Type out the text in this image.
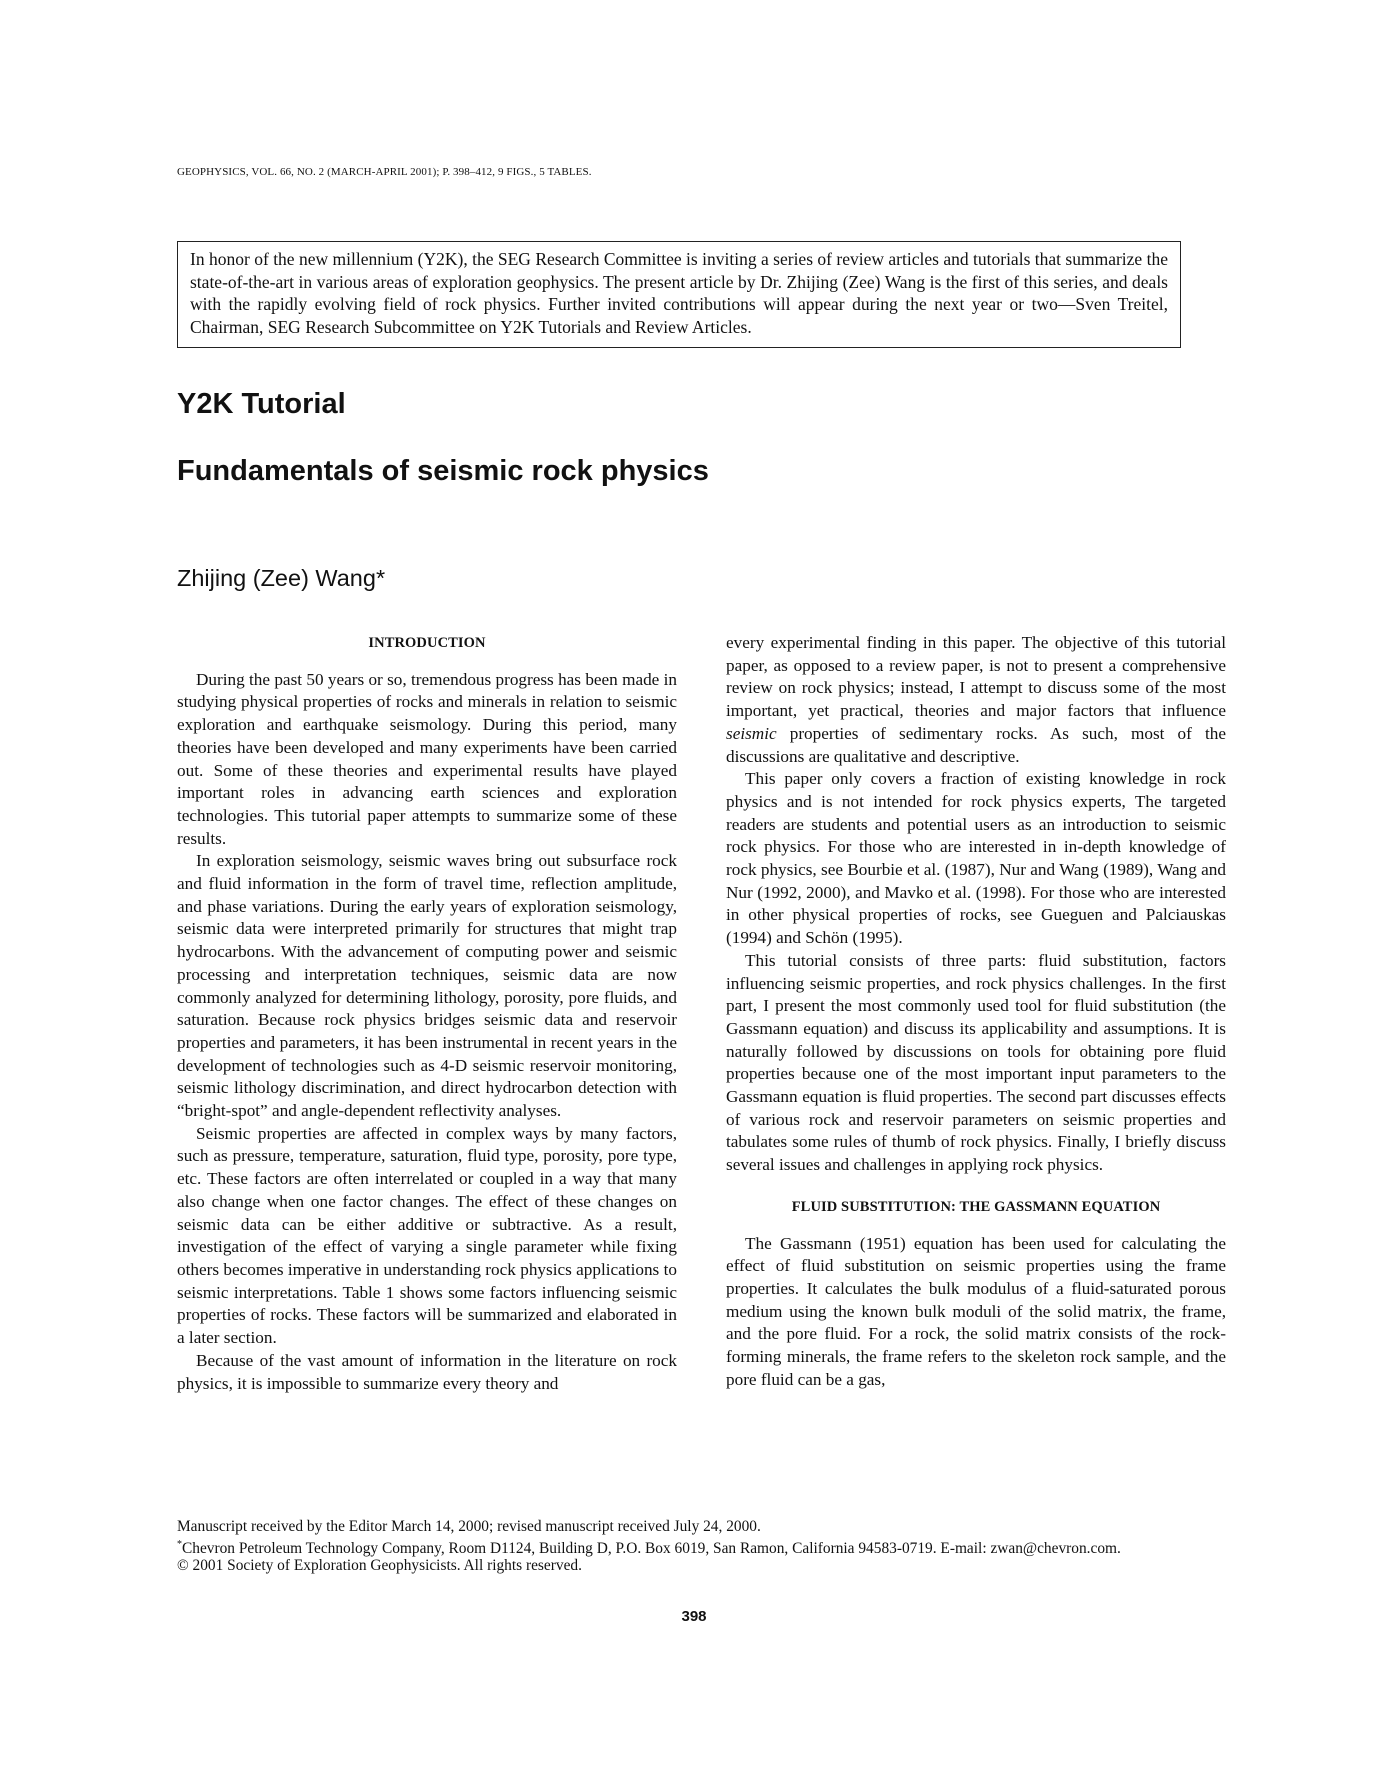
GEOPHYSICS, VOL. 66, NO. 2 (MARCH-APRIL 2001); P. 398–412, 9 FIGS., 5 TABLES.
In honor of the new millennium (Y2K), the SEG Research Committee is inviting a series of review articles and tutorials that summarize the state-of-the-art in various areas of exploration geophysics. The present article by Dr. Zhijing (Zee) Wang is the first of this series, and deals with the rapidly evolving field of rock physics. Further invited contributions will appear during the next year or two—Sven Treitel, Chairman, SEG Research Subcommittee on Y2K Tutorials and Review Articles.
Y2K Tutorial
Fundamentals of seismic rock physics
Zhijing (Zee) Wang*
INTRODUCTION

During the past 50 years or so, tremendous progress has been made in studying physical properties of rocks and minerals in relation to seismic exploration and earthquake seismology. During this period, many theories have been developed and many experiments have been carried out. Some of these theories and experimental results have played important roles in advancing earth sciences and exploration technologies. This tutorial paper attempts to summarize some of these results.

In exploration seismology, seismic waves bring out subsurface rock and fluid information in the form of travel time, reflection amplitude, and phase variations. During the early years of exploration seismology, seismic data were interpreted primarily for structures that might trap hydrocarbons. With the advancement of computing power and seismic processing and interpretation techniques, seismic data are now commonly analyzed for determining lithology, porosity, pore fluids, and saturation. Because rock physics bridges seismic data and reservoir properties and parameters, it has been instrumental in recent years in the development of technologies such as 4-D seismic reservoir monitoring, seismic lithology discrimination, and direct hydrocarbon detection with “bright-spot” and angle-dependent reflectivity analyses.

Seismic properties are affected in complex ways by many factors, such as pressure, temperature, saturation, fluid type, porosity, pore type, etc. These factors are often interrelated or coupled in a way that many also change when one factor changes. The effect of these changes on seismic data can be either additive or subtractive. As a result, investigation of the effect of varying a single parameter while fixing others becomes imperative in understanding rock physics applications to seismic interpretations. Table 1 shows some factors influencing seismic properties of rocks. These factors will be summarized and elaborated in a later section.

Because of the vast amount of information in the literature on rock physics, it is impossible to summarize every theory and

every experimental finding in this paper. The objective of this tutorial paper, as opposed to a review paper, is not to present a comprehensive review on rock physics; instead, I attempt to discuss some of the most important, yet practical, theories and major factors that influence seismic properties of sedimentary rocks. As such, most of the discussions are qualitative and descriptive.

This paper only covers a fraction of existing knowledge in rock physics and is not intended for rock physics experts, The targeted readers are students and potential users as an introduction to seismic rock physics. For those who are interested in in-depth knowledge of rock physics, see Bourbie et al. (1987), Nur and Wang (1989), Wang and Nur (1992, 2000), and Mavko et al. (1998). For those who are interested in other physical properties of rocks, see Gueguen and Palciauskas (1994) and Schön (1995).

This tutorial consists of three parts: fluid substitution, factors influencing seismic properties, and rock physics challenges. In the first part, I present the most commonly used tool for fluid substitution (the Gassmann equation) and discuss its applicability and assumptions. It is naturally followed by discussions on tools for obtaining pore fluid properties because one of the most important input parameters to the Gassmann equation is fluid properties. The second part discusses effects of various rock and reservoir parameters on seismic properties and tabulates some rules of thumb of rock physics. Finally, I briefly discuss several issues and challenges in applying rock physics.

FLUID SUBSTITUTION: THE GASSMANN EQUATION

The Gassmann (1951) equation has been used for calculating the effect of fluid substitution on seismic properties using the frame properties. It calculates the bulk modulus of a fluid-saturated porous medium using the known bulk moduli of the solid matrix, the frame, and the pore fluid. For a rock, the solid matrix consists of the rock-forming minerals, the frame refers to the skeleton rock sample, and the pore fluid can be a gas,

Manuscript received by the Editor March 14, 2000; revised manuscript received July 24, 2000.
*Chevron Petroleum Technology Company, Room D1124, Building D, P.O. Box 6019, San Ramon, California 94583-0719. E-mail: zwan@chevron.com.
© 2001 Society of Exploration Geophysicists. All rights reserved.
398
